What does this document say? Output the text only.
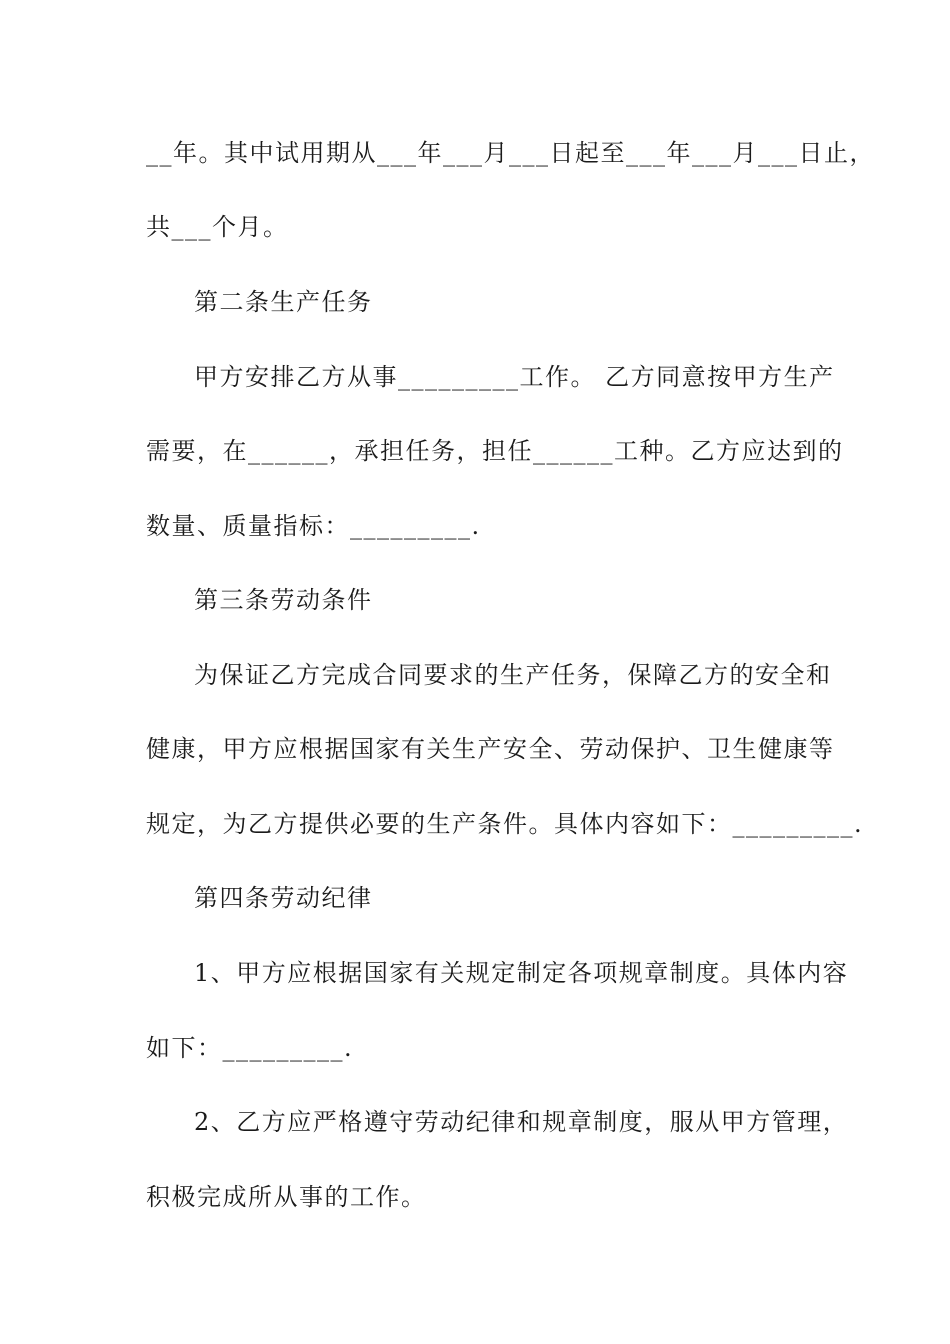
__年。其中试用期从___年___月___日起至___年___月___日止，

共___个月。

第二条生产任务

甲方安排乙方从事_________工作。 乙方同意按甲方生产

需要，在______，承担任务，担任______工种。乙方应达到的

数量、质量指标：_________.

第三条劳动条件

为保证乙方完成合同要求的生产任务，保障乙方的安全和

健康，甲方应根据国家有关生产安全、劳动保护、卫生健康等

规定，为乙方提供必要的生产条件。具体内容如下：_________.

第四条劳动纪律

1、甲方应根据国家有关规定制定各项规章制度。具体内容

如下：_________.

2、乙方应严格遵守劳动纪律和规章制度，服从甲方管理，

积极完成所从事的工作。
